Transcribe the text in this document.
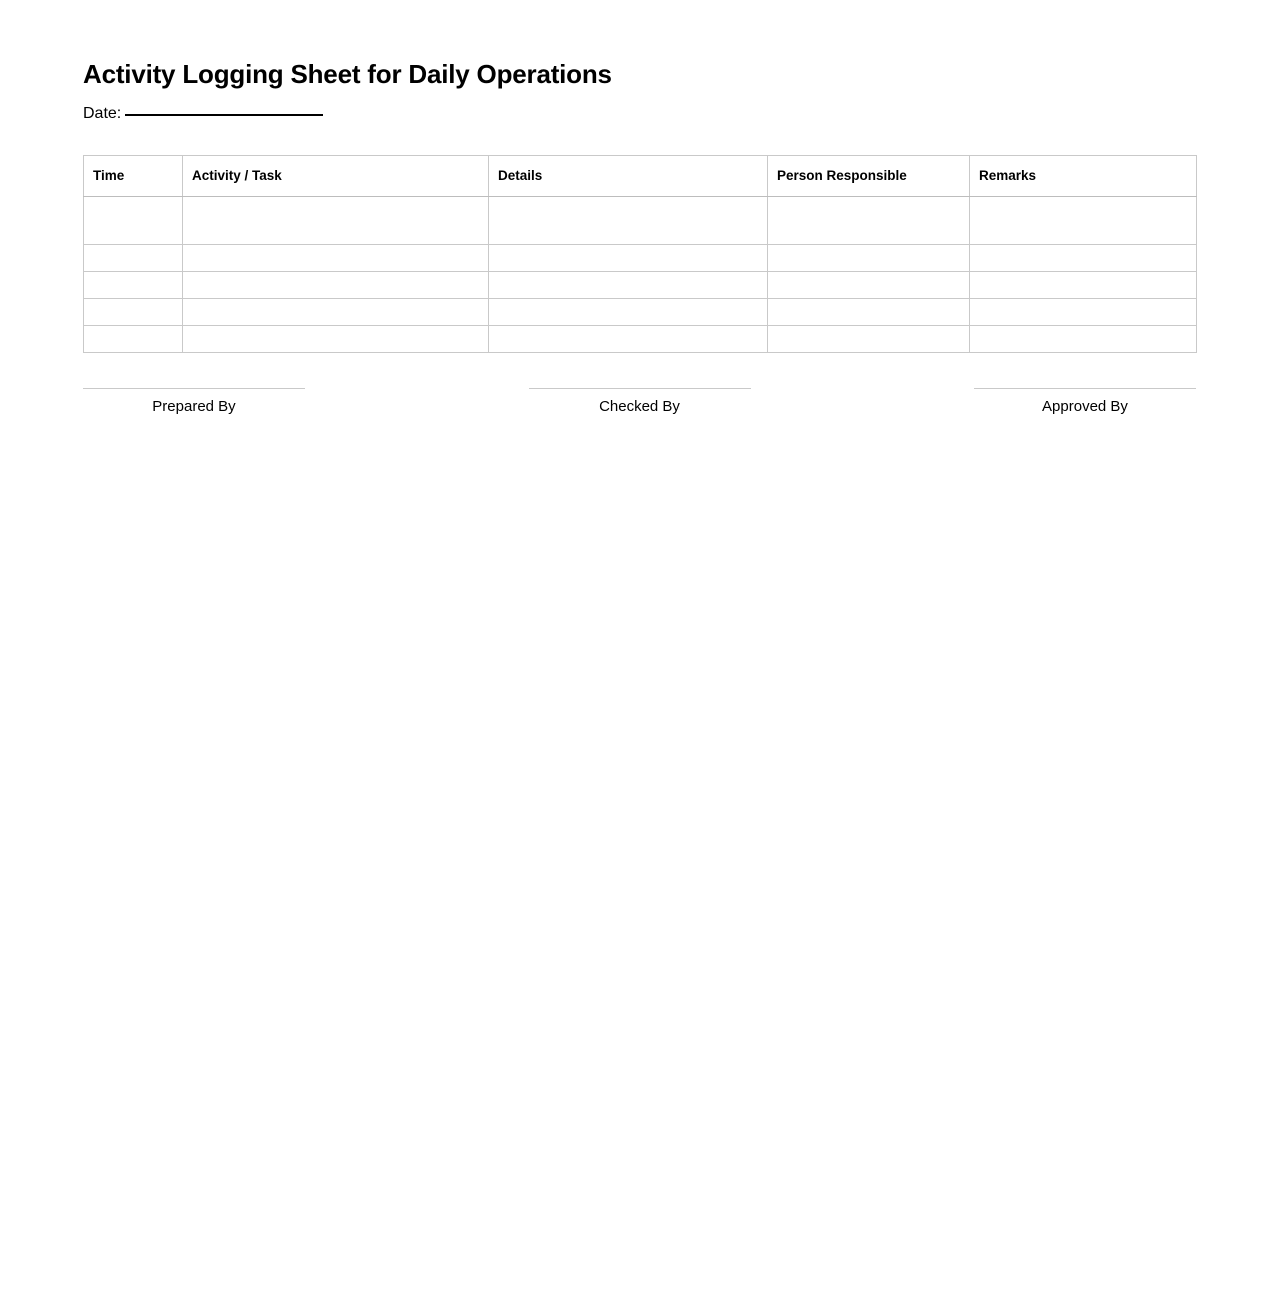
Activity Logging Sheet for Daily Operations
Date:
Time	Activity / Task	Details	Person Responsible	Remarks

Prepared By	Checked By	Approved By
